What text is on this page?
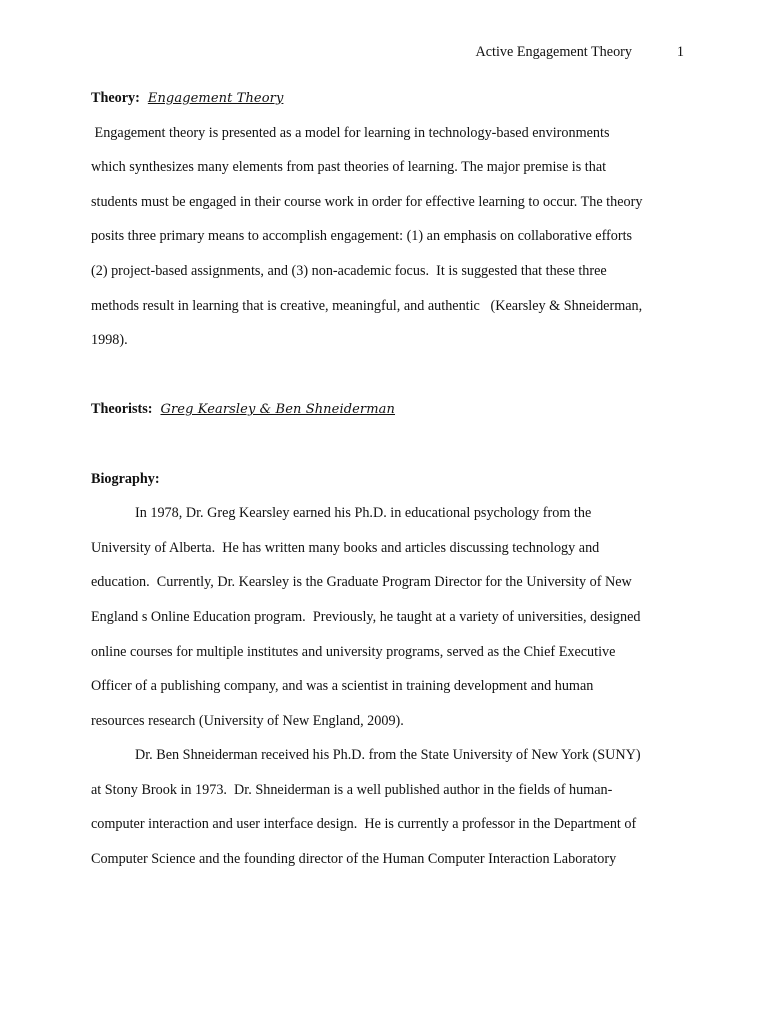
Active Engagement Theory	1
Theory: Engagement Theory
Engagement theory is presented as a model for learning in technology-based environments
which synthesizes many elements from past theories of learning. The major premise is that
students must be engaged in their course work in order for effective learning to occur. The theory
posits three primary means to accomplish engagement: (1) an emphasis on collaborative efforts
(2) project-based assignments, and (3) non-academic focus.  It is suggested that these three
methods result in learning that is creative, meaningful, and authentic   (Kearsley & Shneiderman,
1998).
Theorists: Greg Kearsley & Ben Shneiderman
Biography:
In 1978, Dr. Greg Kearsley earned his Ph.D. in educational psychology from the
University of Alberta.  He has written many books and articles discussing technology and
education.  Currently, Dr. Kearsley is the Graduate Program Director for the University of New
England s Online Education program.  Previously, he taught at a variety of universities, designed
online courses for multiple institutes and university programs, served as the Chief Executive
Officer of a publishing company, and was a scientist in training development and human
resources research (University of New England, 2009).
Dr. Ben Shneiderman received his Ph.D. from the State University of New York (SUNY)
at Stony Brook in 1973.  Dr. Shneiderman is a well published author in the fields of human-
computer interaction and user interface design.  He is currently a professor in the Department of
Computer Science and the founding director of the Human Computer Interaction Laboratory
